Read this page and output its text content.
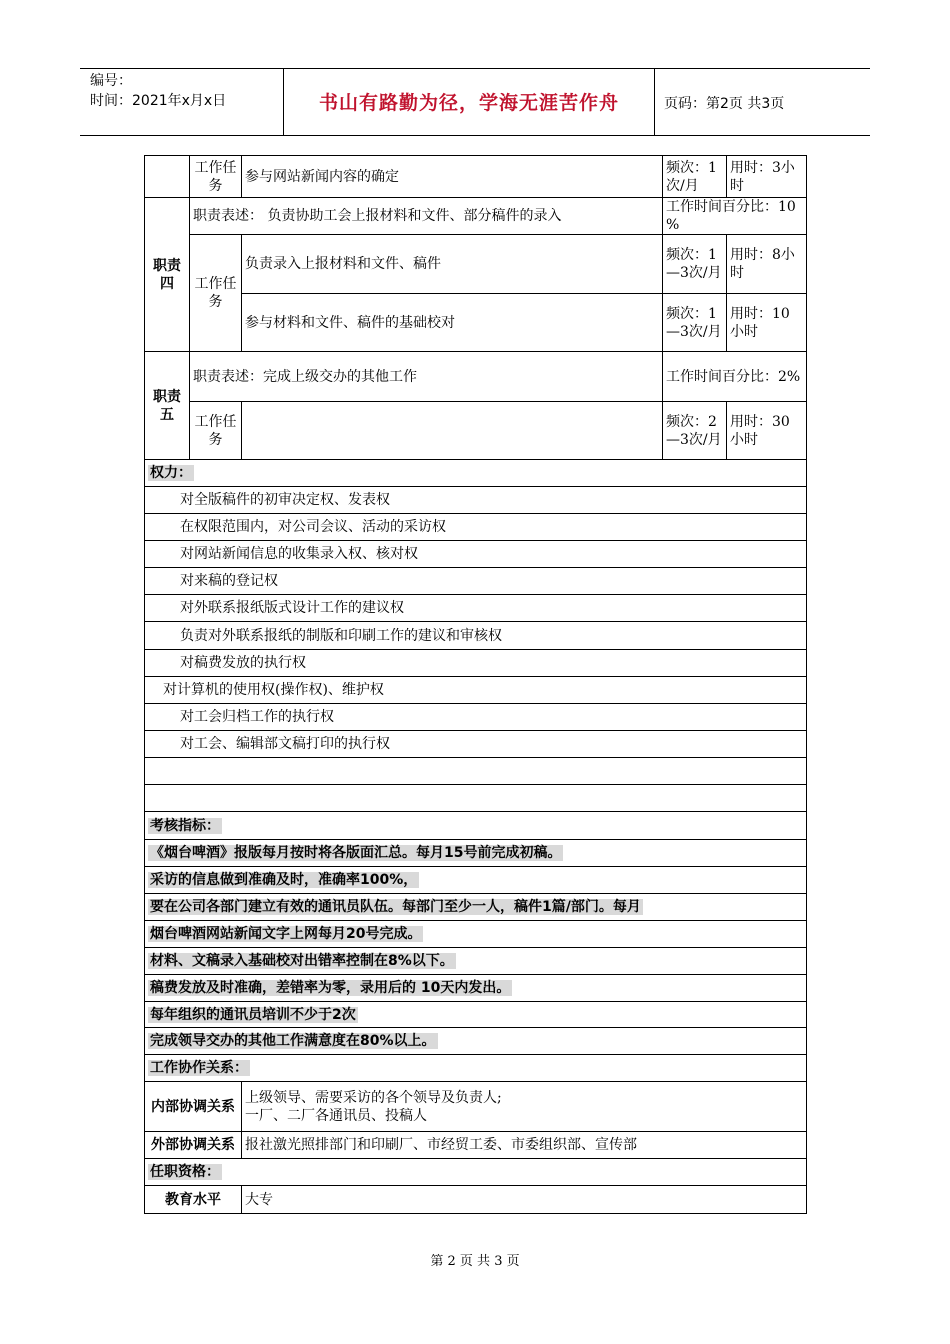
编号：
时间：2021年x月x日	书山有路勤为径，学海无涯苦作舟	页码：第2页 共3页
	工作任务	参与网站新闻内容的确定	频次：1次/月	用时：3小时
职责四	职责表述： 负责协助工会上报材料和文件、部分稿件的录入		工作时间百分比：10 %	
	工作任务	负责录入上报材料和文件、稿件	频次：1—3次/月	用时：8小时
		参与材料和文件、稿件的基础校对	频次：1—3次/月	用时：10小时
职责五	职责表述：完成上级交办的其他工作		工作时间百分比：2%	
	工作任务		频次：2—3次/月	用时：30小时
权力：				
对全版稿件的初审决定权、发表权				
在权限范围内，对公司会议、活动的采访权				
对网站新闻信息的收集录入权、核对权				
对来稿的登记权				
对外联系报纸版式设计工作的建议权				
负责对外联系报纸的制版和印刷工作的建议和审核权				
对稿费发放的执行权				
对计算机的使用权(操作权)、维护权				
对工会归档工作的执行权				
对工会、编辑部文稿打印的执行权				

考核指标：				
《烟台啤酒》报版每月按时将各版面汇总。每月15号前完成初稿。				
采访的信息做到准确及时，准确率100%，				
要在公司各部门建立有效的通讯员队伍。每部门至少一人，稿件1篇/部门。每月				
烟台啤酒网站新闻文字上网每月20号完成。				
材料、文稿录入基础校对出错率控制在8%以下。				
稿费发放及时准确，差错率为零，录用后的 10天内发出。				
每年组织的通讯员培训不少于2次				
完成领导交办的其他工作满意度在80%以上。				
工作协作关系：				
内部协调关系		上级领导、需要采访的各个领导及负责人;
一厂、二厂各通讯员、投稿人		

外部协调关系		报社激光照排部门和印刷厂、市经贸工委、市委组织部、宣传部		
任职资格：				
教育水平		大专		
第 2 页 共 3 页
